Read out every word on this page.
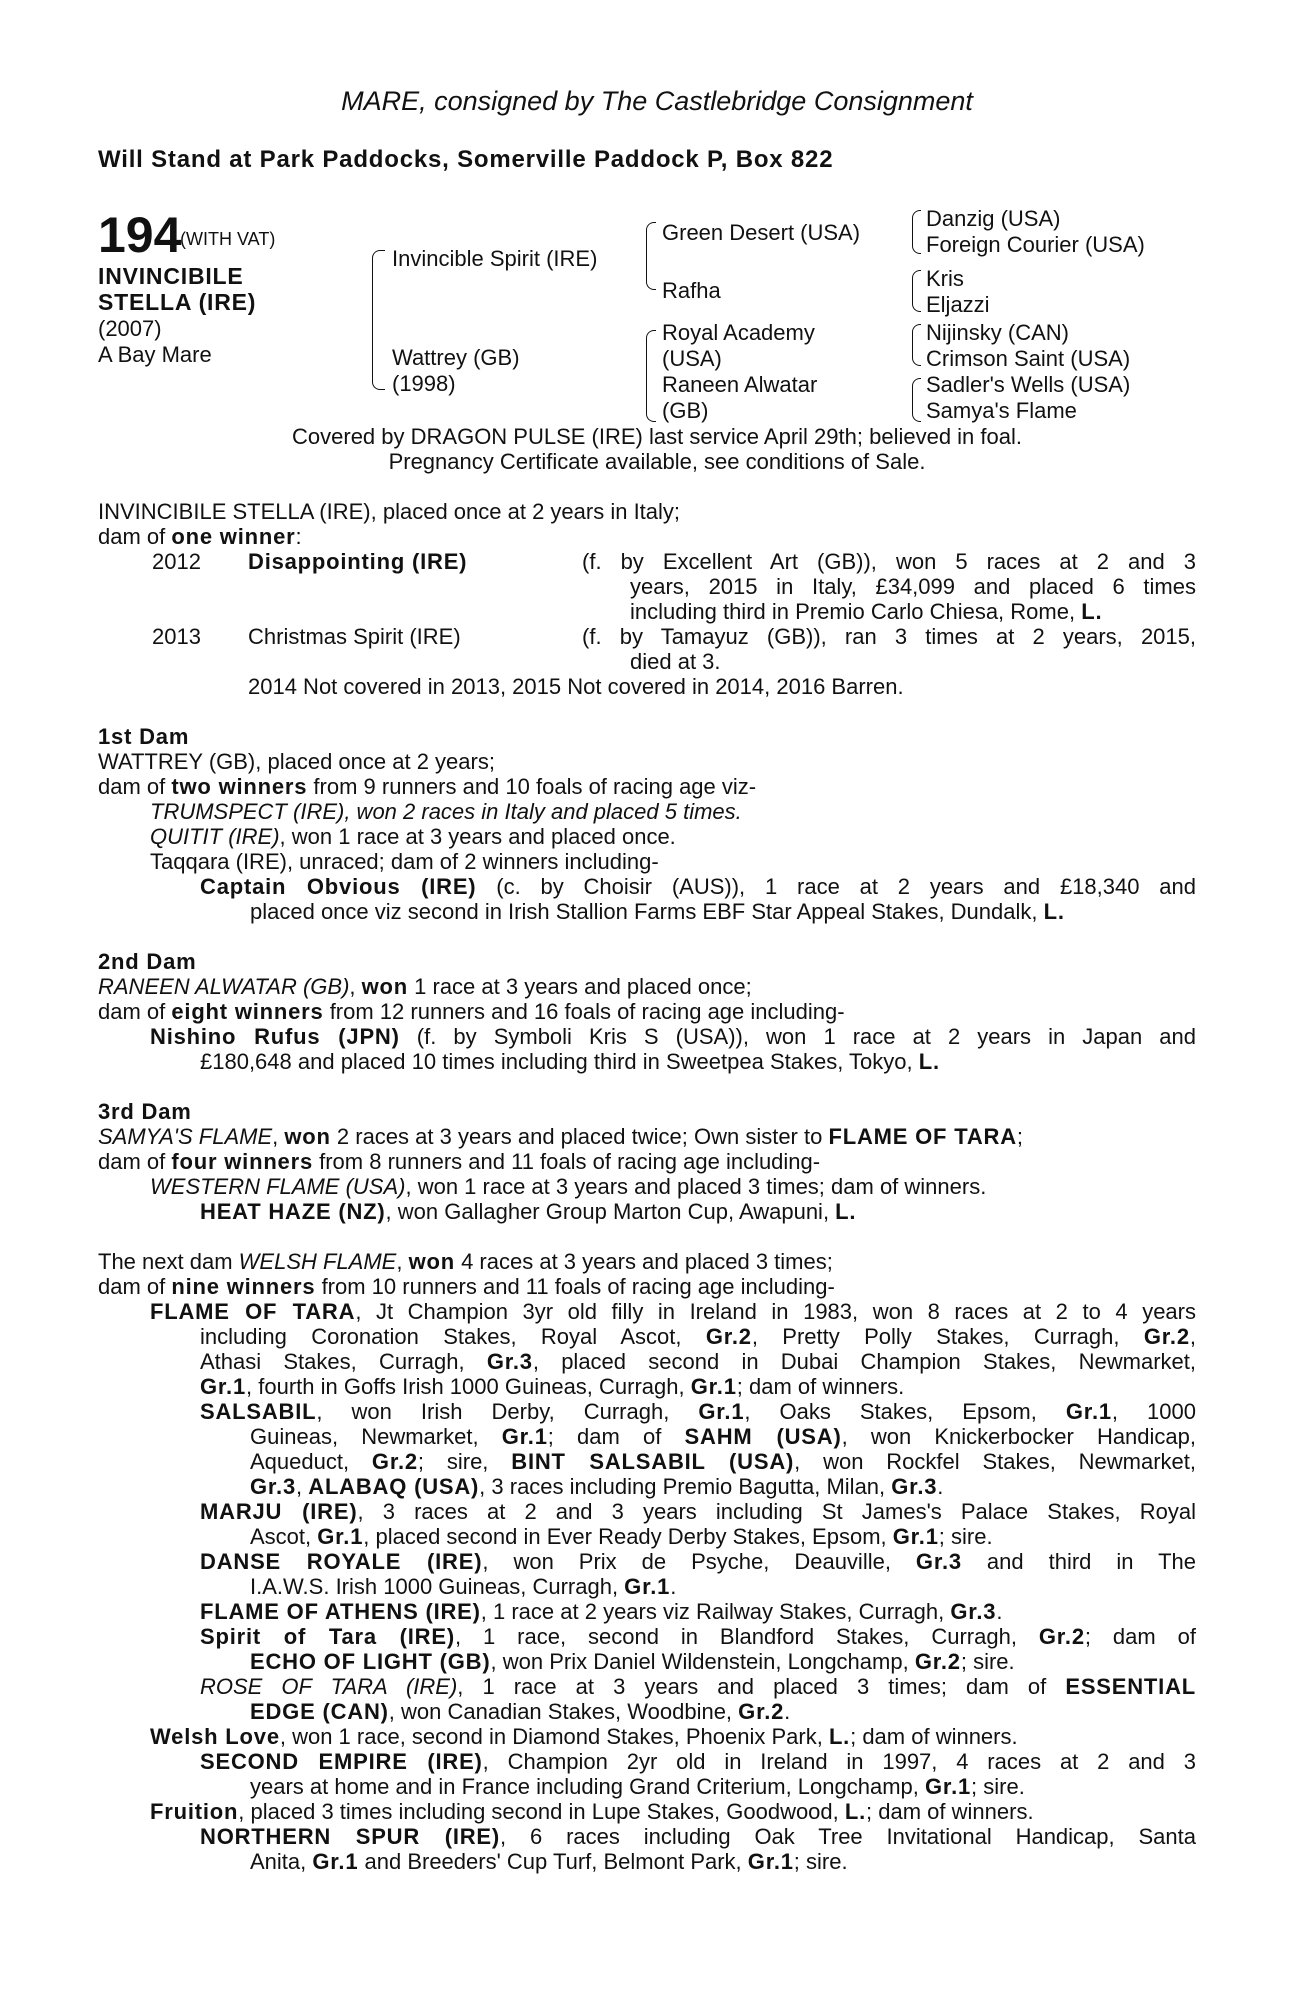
MARE, consigned by The Castlebridge Consignment
Will Stand at Park Paddocks, Somerville Paddock P, Box 822
194
(WITH VAT)
INVINCIBILE
STELLA (IRE)
(2007)
A Bay Mare
Invincible Spirit (IRE)
Wattrey (GB)
(1998)
Green Desert (USA)
Rafha
Royal Academy
(USA)
Raneen Alwatar
(GB)
Danzig (USA)
Foreign Courier (USA)
Kris
Eljazzi
Nijinsky (CAN)
Crimson Saint (USA)
Sadler's Wells (USA)
Samya's Flame
Covered by DRAGON PULSE (IRE) last service April 29th; believed in foal.
Pregnancy Certificate available, see conditions of Sale.
INVINCIBILE STELLA (IRE), placed once at 2 years in Italy;
dam of one winner:
2012 Disappointing (IRE)	(f. by Excellent Art (GB)), won 5 races at 2 and 3
years, 2015 in Italy, £34,099 and placed 6 times
including third in Premio Carlo Chiesa, Rome, L.
2013 Christmas Spirit (IRE)	(f. by Tamayuz (GB)), ran 3 times at 2 years, 2015,
died at 3.
2014 Not covered in 2013, 2015 Not covered in 2014, 2016 Barren.
1st Dam
WATTREY (GB), placed once at 2 years;
dam of two winners from 9 runners and 10 foals of racing age viz-
TRUMSPECT (IRE), won 2 races in Italy and placed 5 times.
QUITIT (IRE), won 1 race at 3 years and placed once.
Taqqara (IRE), unraced; dam of 2 winners including-
Captain Obvious (IRE) (c. by Choisir (AUS)), 1 race at 2 years and £18,340 and
placed once viz second in Irish Stallion Farms EBF Star Appeal Stakes, Dundalk, L.
2nd Dam
RANEEN ALWATAR (GB), won 1 race at 3 years and placed once;
dam of eight winners from 12 runners and 16 foals of racing age including-
Nishino Rufus (JPN) (f. by Symboli Kris S (USA)), won 1 race at 2 years in Japan and
£180,648 and placed 10 times including third in Sweetpea Stakes, Tokyo, L.
3rd Dam
SAMYA'S FLAME, won 2 races at 3 years and placed twice; Own sister to FLAME OF TARA;
dam of four winners from 8 runners and 11 foals of racing age including-
WESTERN FLAME (USA), won 1 race at 3 years and placed 3 times; dam of winners.
HEAT HAZE (NZ), won Gallagher Group Marton Cup, Awapuni, L.
The next dam WELSH FLAME, won 4 races at 3 years and placed 3 times;
dam of nine winners from 10 runners and 11 foals of racing age including-
FLAME OF TARA, Jt Champion 3yr old filly in Ireland in 1983, won 8 races at 2 to 4 years
including Coronation Stakes, Royal Ascot, Gr.2, Pretty Polly Stakes, Curragh, Gr.2,
Athasi Stakes, Curragh, Gr.3, placed second in Dubai Champion Stakes, Newmarket,
Gr.1, fourth in Goffs Irish 1000 Guineas, Curragh, Gr.1; dam of winners.
SALSABIL, won Irish Derby, Curragh, Gr.1, Oaks Stakes, Epsom, Gr.1, 1000
Guineas, Newmarket, Gr.1; dam of SAHM (USA), won Knickerbocker Handicap,
Aqueduct, Gr.2; sire, BINT SALSABIL (USA), won Rockfel Stakes, Newmarket,
Gr.3, ALABAQ (USA), 3 races including Premio Bagutta, Milan, Gr.3.
MARJU (IRE), 3 races at 2 and 3 years including St James's Palace Stakes, Royal
Ascot, Gr.1, placed second in Ever Ready Derby Stakes, Epsom, Gr.1; sire.
DANSE ROYALE (IRE), won Prix de Psyche, Deauville, Gr.3 and third in The
I.A.W.S. Irish 1000 Guineas, Curragh, Gr.1.
FLAME OF ATHENS (IRE), 1 race at 2 years viz Railway Stakes, Curragh, Gr.3.
Spirit of Tara (IRE), 1 race, second in Blandford Stakes, Curragh, Gr.2; dam of
ECHO OF LIGHT (GB), won Prix Daniel Wildenstein, Longchamp, Gr.2; sire.
ROSE OF TARA (IRE), 1 race at 3 years and placed 3 times; dam of ESSENTIAL
EDGE (CAN), won Canadian Stakes, Woodbine, Gr.2.
Welsh Love, won 1 race, second in Diamond Stakes, Phoenix Park, L.; dam of winners.
SECOND EMPIRE (IRE), Champion 2yr old in Ireland in 1997, 4 races at 2 and 3
years at home and in France including Grand Criterium, Longchamp, Gr.1; sire.
Fruition, placed 3 times including second in Lupe Stakes, Goodwood, L.; dam of winners.
NORTHERN SPUR (IRE), 6 races including Oak Tree Invitational Handicap, Santa
Anita, Gr.1 and Breeders' Cup Turf, Belmont Park, Gr.1; sire.
